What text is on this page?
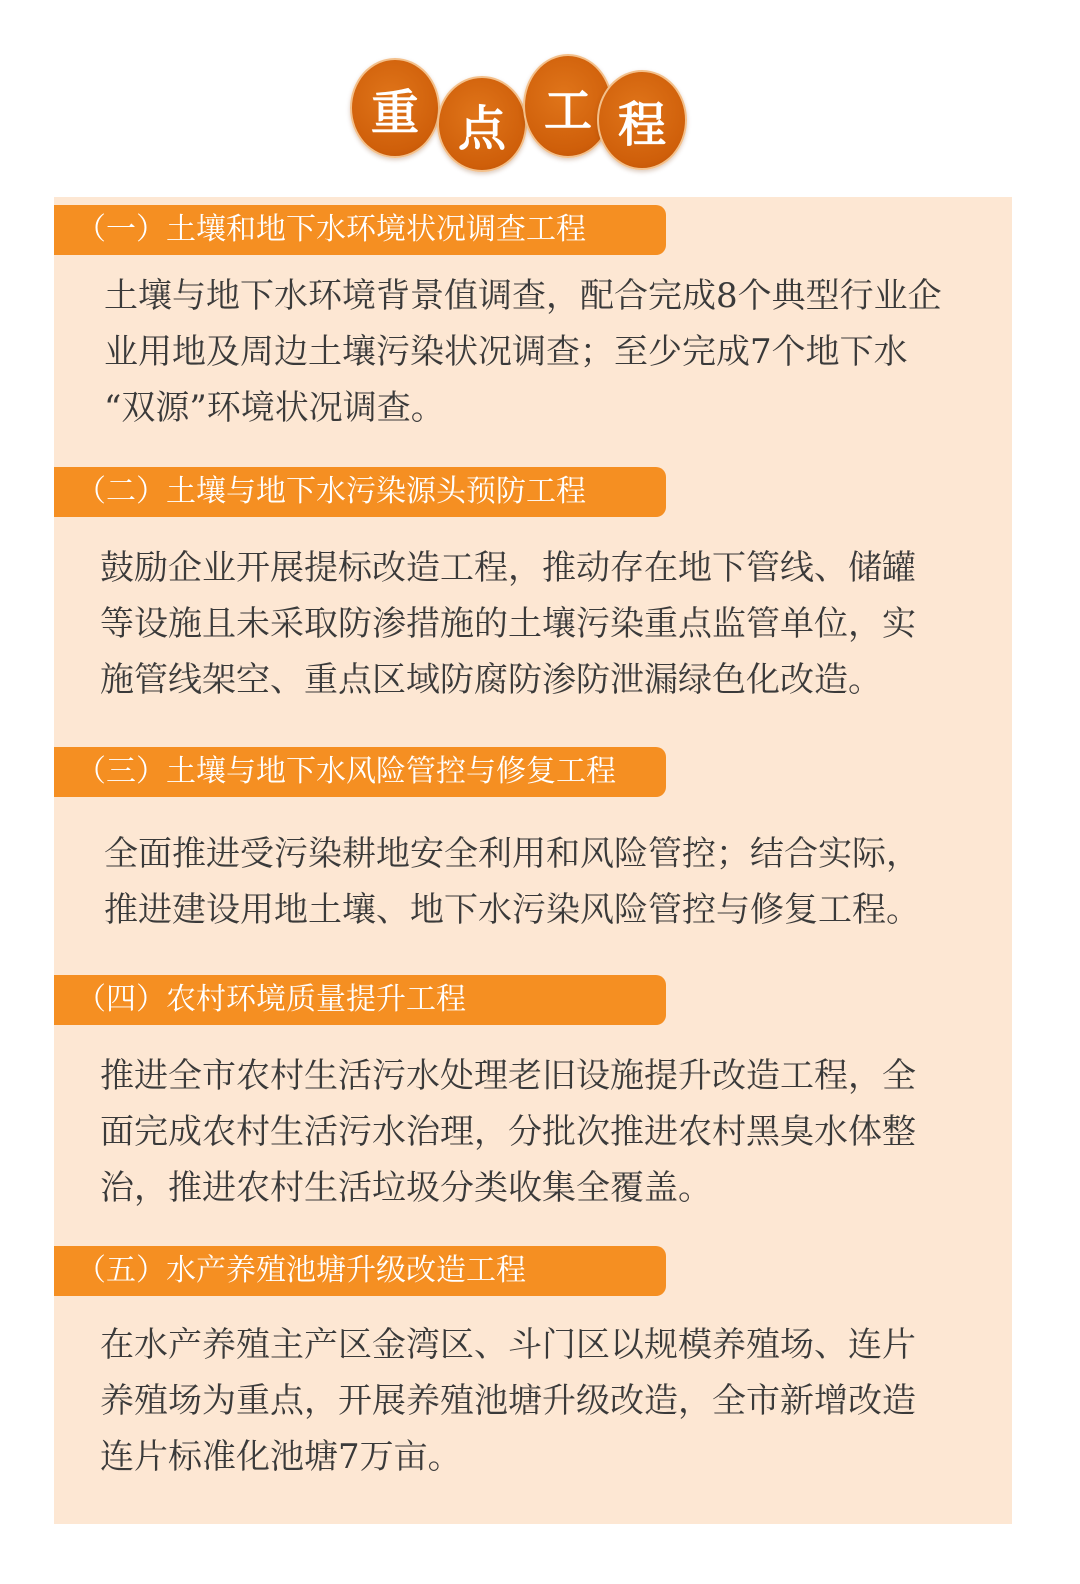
重 点 工 程
（一）土壤和地下水环境状况调查工程

土壤与地下水环境背景值调查，配合完成8个典型行业企
业用地及周边土壤污染状况调查；至少完成7个地下水
“双源”环境状况调查。

（二）土壤与地下水污染源头预防工程

鼓励企业开展提标改造工程，推动存在地下管线、储罐
等设施且未采取防渗措施的土壤污染重点监管单位，实
施管线架空、重点区域防腐防渗防泄漏绿色化改造。

（三）土壤与地下水风险管控与修复工程

全面推进受污染耕地安全利用和风险管控；结合实际，
推进建设用地土壤、地下水污染风险管控与修复工程。

（四）农村环境质量提升工程

推进全市农村生活污水处理老旧设施提升改造工程，全
面完成农村生活污水治理，分批次推进农村黑臭水体整
治，推进农村生活垃圾分类收集全覆盖。

（五）水产养殖池塘升级改造工程

在水产养殖主产区金湾区、斗门区以规模养殖场、连片
养殖场为重点，开展养殖池塘升级改造，全市新增改造
连片标准化池塘7万亩。
